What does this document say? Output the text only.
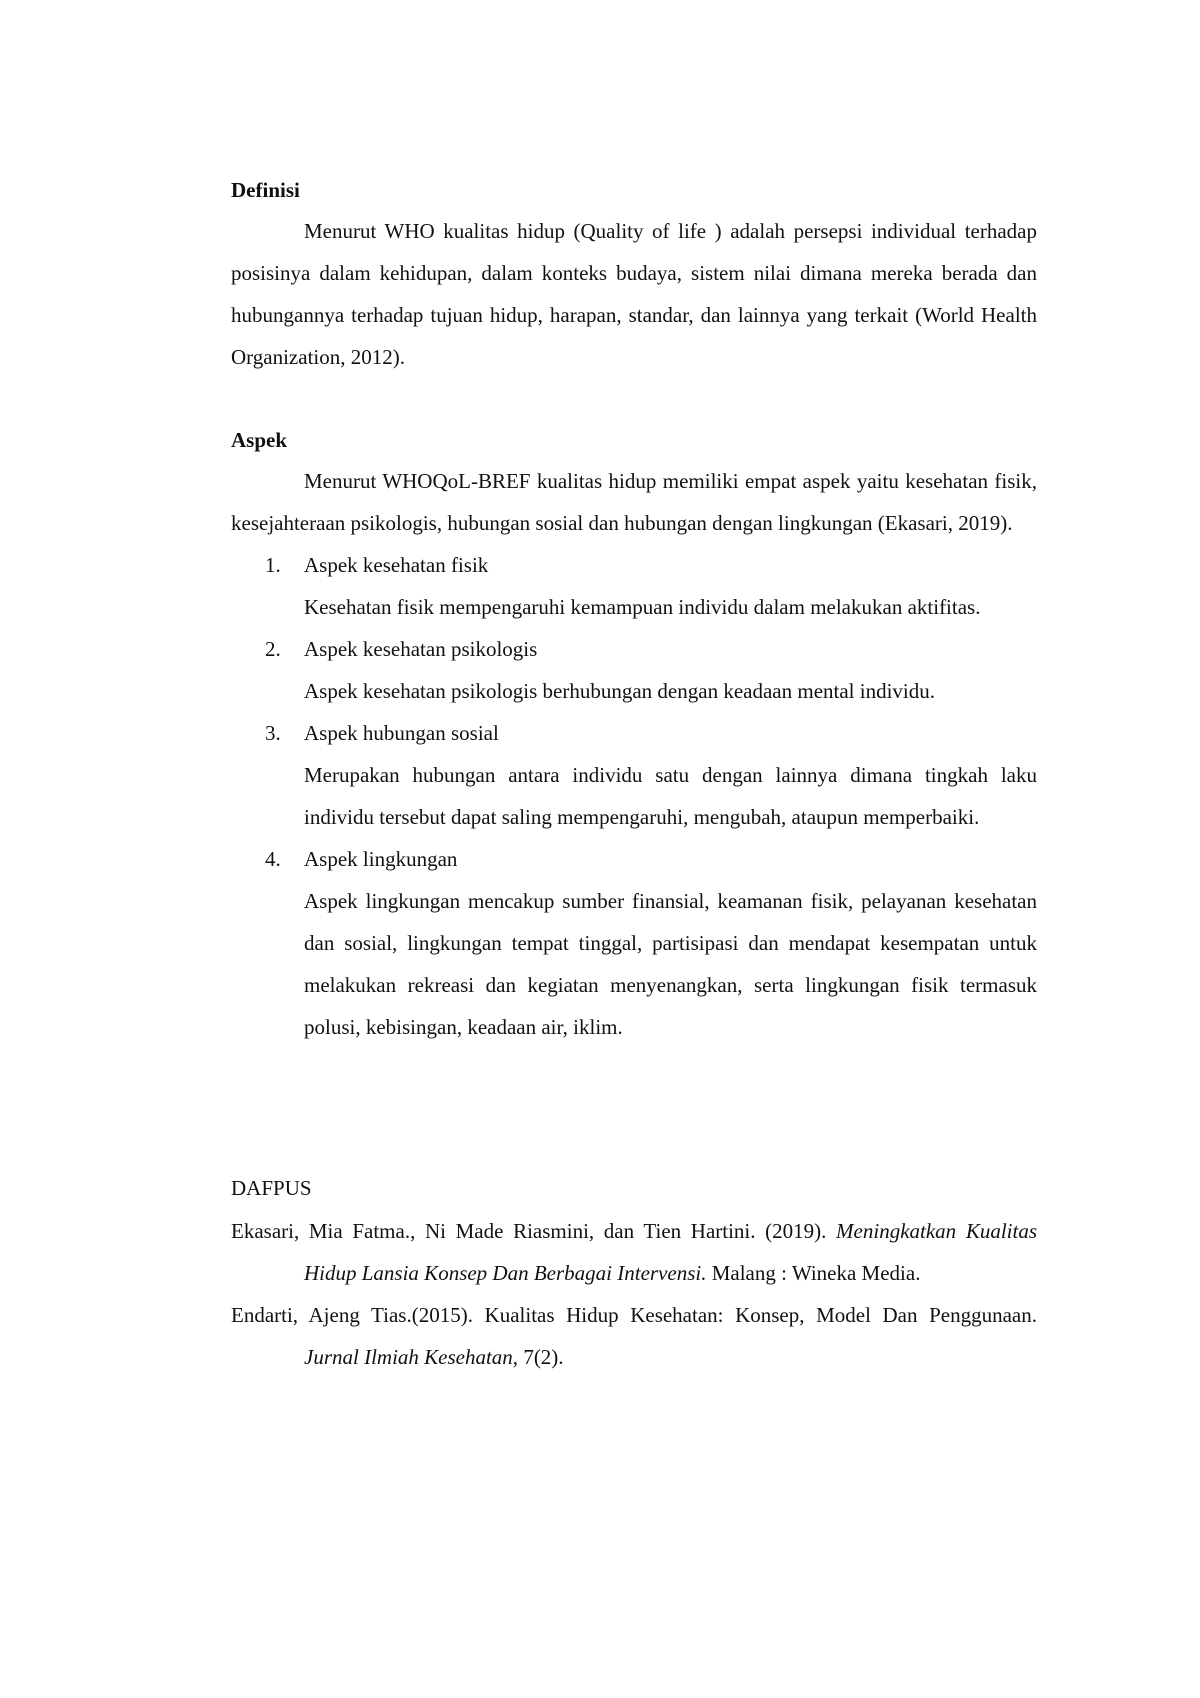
Definisi

Menurut WHO kualitas hidup (Quality of life ) adalah persepsi individual terhadap posisinya dalam kehidupan, dalam konteks budaya, sistem nilai dimana mereka berada dan hubungannya terhadap tujuan hidup, harapan, standar, dan lainnya yang terkait (World Health Organization, 2012).

Aspek

Menurut WHOQoL-BREF kualitas hidup memiliki empat aspek yaitu kesehatan fisik, kesejahteraan psikologis, hubungan sosial dan hubungan dengan lingkungan (Ekasari, 2019).

1. Aspek kesehatan fisik

Kesehatan fisik mempengaruhi kemampuan individu dalam melakukan aktifitas.

2. Aspek kesehatan psikologis

Aspek kesehatan psikologis berhubungan dengan keadaan mental individu.

3. Aspek hubungan sosial

Merupakan hubungan antara individu satu dengan lainnya dimana tingkah laku individu tersebut dapat saling mempengaruhi, mengubah, ataupun memperbaiki.

4. Aspek lingkungan

Aspek lingkungan mencakup sumber finansial, keamanan fisik, pelayanan kesehatan dan sosial, lingkungan tempat tinggal, partisipasi dan mendapat kesempatan untuk melakukan rekreasi dan kegiatan menyenangkan, serta lingkungan fisik termasuk polusi, kebisingan, keadaan air, iklim.

DAFPUS

Ekasari, Mia Fatma., Ni Made Riasmini, dan Tien Hartini. (2019). Meningkatkan Kualitas Hidup Lansia Konsep Dan Berbagai Intervensi. Malang : Wineka Media.

Endarti, Ajeng Tias.(2015). Kualitas Hidup Kesehatan: Konsep, Model Dan Penggunaan. Jurnal Ilmiah Kesehatan, 7(2).
